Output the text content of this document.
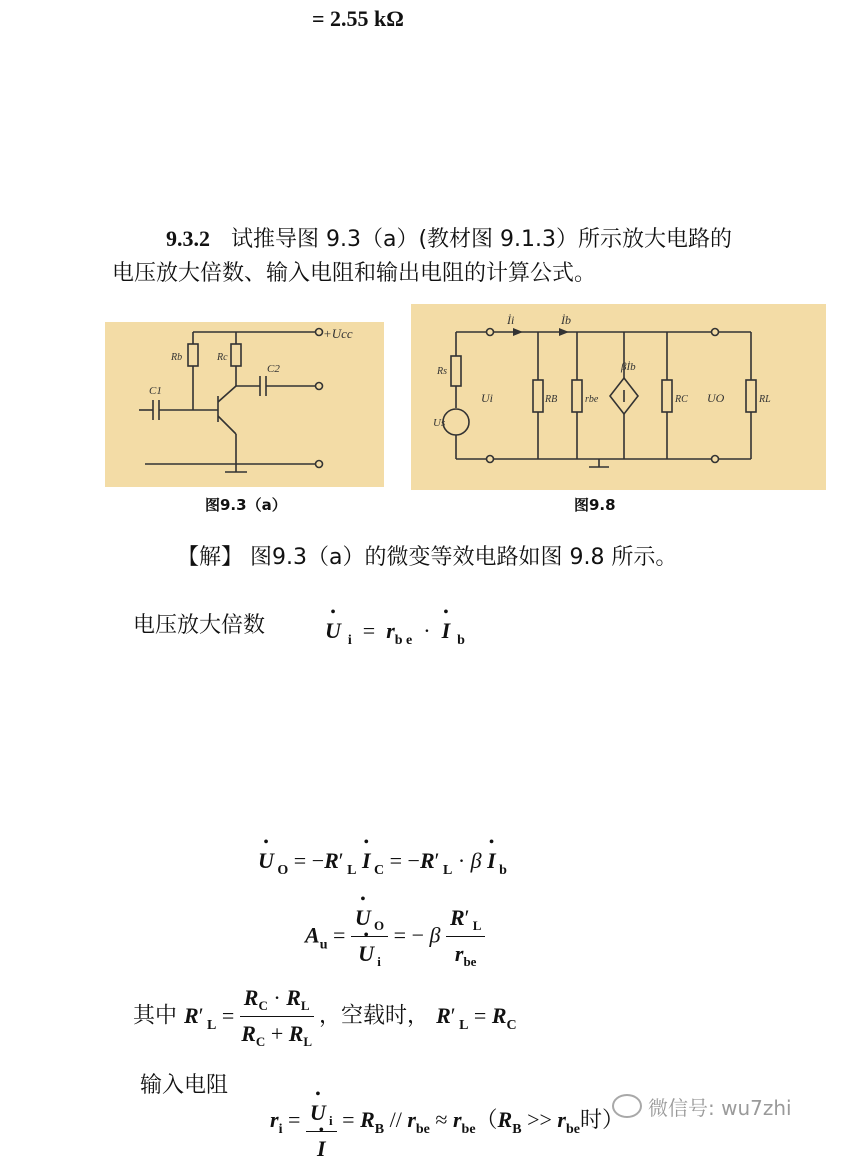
= 2.55 kΩ
9.3.2 试推导图 9.3（a）(教材图 9.1.3）所示放大电路的
电压放大倍数、输入电阻和输出电阻的计算公式。
+Ucc
Rb	Rc
C1
C2
图9.3（a）
İi	İb
Rs
Ui
Us
RB	rbe
βİb
RC UO	RL
图9.8
【解】 图9.3（a）的微变等效电路如图 9.8 所示。
电压放大倍数	• U  $_i = r_{b e}$  ·  • I  $_b$
• U $_O$ = −R′ $_L$ • I $_C$ = −R′ $_L$ · β • I $_b$
$A_u$ = • U $_O$
• U $_i$ = − β $\frac{R' _L}{r_{be}}$
其中 R′ $_L = \frac{R_C \cdot R_L}{R_C + R_L}$ ，空载时， R′ $_L = R_C$
输入电阻
$r_i$ = • U $_i$
• $I = R_B // r_{be} \approx r_{be}(R_B >> r_{be}$时）	微信号: wu7zhi
